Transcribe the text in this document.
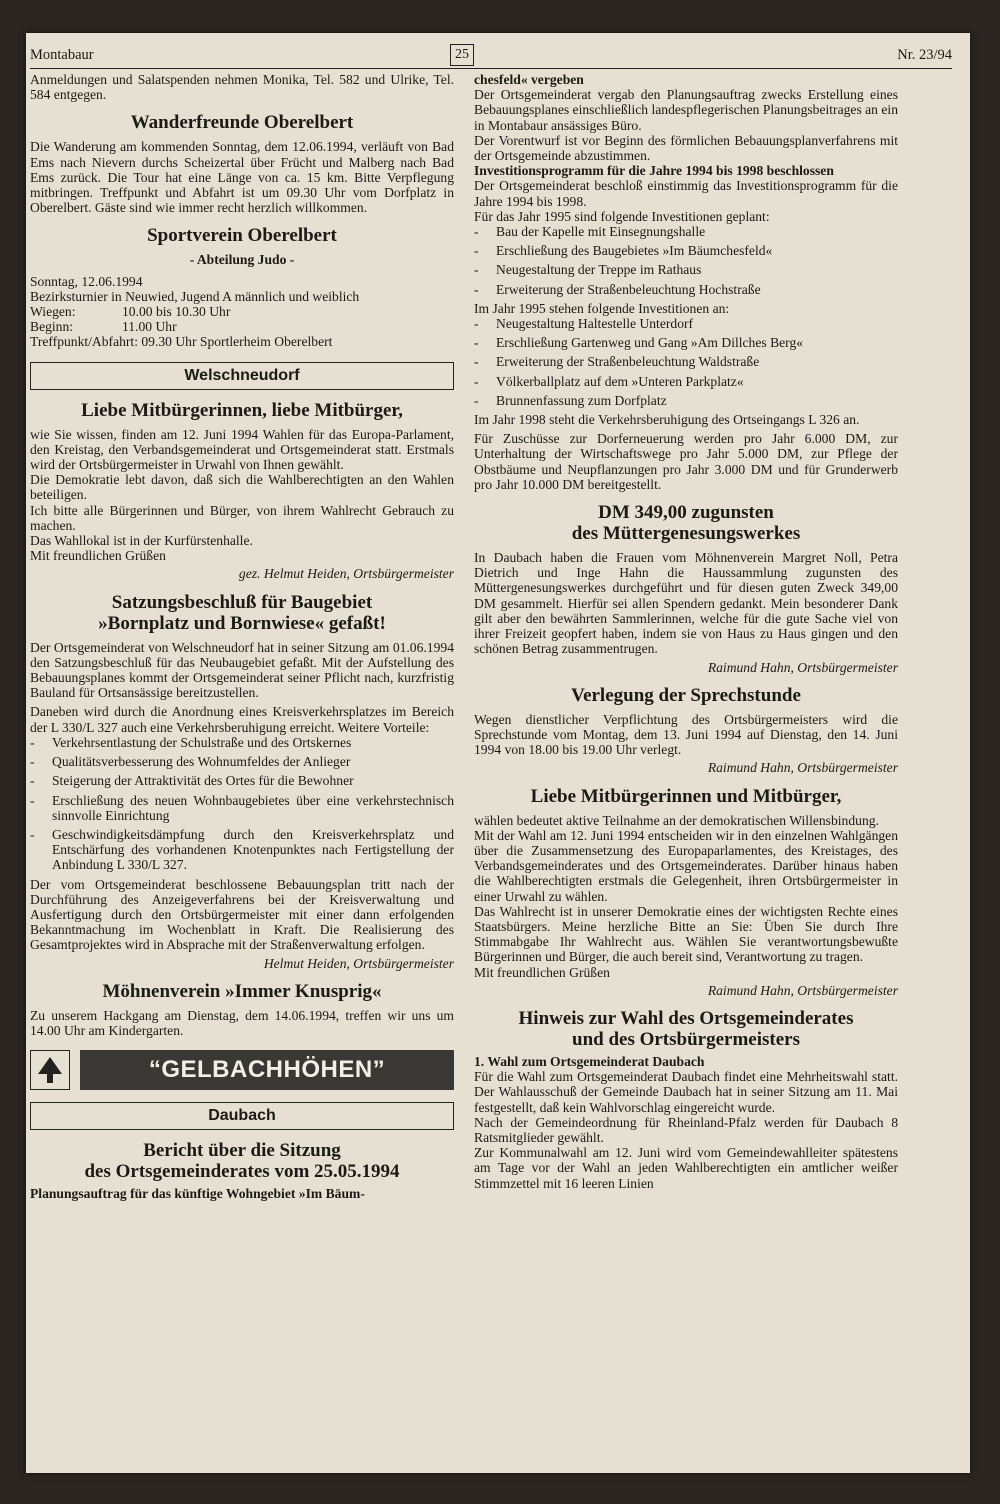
Montabaur	25	Nr. 23/94

Anmeldungen und Salatspenden nehmen Monika, Tel. 582 und Ulrike, Tel. 584 entgegen.

Wanderfreunde Oberelbert

Die Wanderung am kommenden Sonntag, dem 12.06.1994, verläuft von Bad Ems nach Nievern durchs Scheizertal über Frücht und Malberg nach Bad Ems zurück. Die Tour hat eine Länge von ca. 15 km. Bitte Verpflegung mitbringen. Treffpunkt und Abfahrt ist um 09.30 Uhr vom Dorfplatz in Oberelbert. Gäste sind wie immer recht herzlich willkommen.

Sportverein Oberelbert
- Abteilung Judo -

Sonntag, 12.06.1994

Bezirksturnier in Neuwied, Jugend A männlich und weiblich

Wiegen:	10.00 bis 10.30 Uhr
Beginn:	11.00 Uhr

Treffpunkt/Abfahrt: 09.30 Uhr Sportlerheim Oberelbert

Welschneudorf
Liebe Mitbürgerinnen, liebe Mitbürger,

wie Sie wissen, finden am 12. Juni 1994 Wahlen für das Europa-Parlament, den Kreistag, den Verbandsgemeinderat und Ortsgemeinderat statt. Erstmals wird der Ortsbürgermeister in Urwahl von Ihnen gewählt.

Die Demokratie lebt davon, daß sich die Wahlberechtigten an den Wahlen beteiligen.

Ich bitte alle Bürgerinnen und Bürger, von ihrem Wahlrecht Gebrauch zu machen.

Das Wahllokal ist in der Kurfürstenhalle.

Mit freundlichen Grüßen

gez. Helmut Heiden, Ortsbürgermeister
Satzungsbeschluß für Baugebiet
»Bornplatz und Bornwiese« gefaßt!

Der Ortsgemeinderat von Welschneudorf hat in seiner Sitzung am 01.06.1994 den Satzungsbeschluß für das Neubaugebiet gefaßt. Mit der Aufstellung des Bebauungsplanes kommt der Ortsgemeinderat seiner Pflicht nach, kurzfristig Bauland für Ortsansässige bereitzustellen.

Daneben wird durch die Anordnung eines Kreisverkehrsplatzes im Bereich der L 330/L 327 auch eine Verkehrsberuhigung erreicht. Weitere Vorteile:

- Verkehrsentlastung der Schulstraße und des Ortskernes
- Qualitätsverbesserung des Wohnumfeldes der Anlieger
- Steigerung der Attraktivität des Ortes für die Bewohner
- Erschließung des neuen Wohnbaugebietes über eine verkehrstechnisch sinnvolle Einrichtung
- Geschwindigkeitsdämpfung durch den Kreisverkehrsplatz und Entschärfung des vorhandenen Knotenpunktes nach Fertigstellung der Anbindung L 330/L 327.

Der vom Ortsgemeinderat beschlossene Bebauungsplan tritt nach der Durchführung des Anzeigeverfahrens bei der Kreisverwaltung und Ausfertigung durch den Ortsbürgermeister mit einer dann erfolgenden Bekanntmachung im Wochenblatt in Kraft. Die Realisierung des Gesamtprojektes wird in Absprache mit der Straßenverwaltung erfolgen.

Helmut Heiden, Ortsbürgermeister
Möhnenverein »Immer Knusprig«

Zu unserem Hackgang am Dienstag, dem 14.06.1994, treffen wir uns um 14.00 Uhr am Kindergarten.

“GELBACHHÖHEN”
Daubach
Bericht über die Sitzung
des Ortsgemeinderates vom 25.05.1994

Planungsauftrag für das künftige Wohngebiet »Im Bäum-

chesfeld« vergeben

Der Ortsgemeinderat vergab den Planungsauftrag zwecks Erstellung eines Bebauungsplanes einschließlich landespflegerischen Planungsbeitrages an ein in Montabaur ansässiges Büro.

Der Vorentwurf ist vor Beginn des förmlichen Bebauungsplanverfahrens mit der Ortsgemeinde abzustimmen.

Investitionsprogramm für die Jahre 1994 bis 1998 beschlossen

Der Ortsgemeinderat beschloß einstimmig das Investitionsprogramm für die Jahre 1994 bis 1998.

Für das Jahr 1995 sind folgende Investitionen geplant:

- Bau der Kapelle mit Einsegnungshalle
- Erschließung des Baugebietes »Im Bäumchesfeld«
- Neugestaltung der Treppe im Rathaus
- Erweiterung der Straßenbeleuchtung Hochstraße

Im Jahr 1995 stehen folgende Investitionen an:

- Neugestaltung Haltestelle Unterdorf
- Erschließung Gartenweg und Gang »Am Dillches Berg«
- Erweiterung der Straßenbeleuchtung Waldstraße
- Völkerballplatz auf dem »Unteren Parkplatz«
- Brunnenfassung zum Dorfplatz

Im Jahr 1998 steht die Verkehrsberuhigung des Ortseingangs L 326 an.

Für Zuschüsse zur Dorferneuerung werden pro Jahr 6.000 DM, zur Unterhaltung der Wirtschaftswege pro Jahr 5.000 DM, zur Pflege der Obstbäume und Neupflanzungen pro Jahr 3.000 DM und für Grunderwerb pro Jahr 10.000 DM bereitgestellt.

DM 349,00 zugunsten
des Müttergenesungswerkes

In Daubach haben die Frauen vom Möhnenverein Margret Noll, Petra Dietrich und Inge Hahn die Haussammlung zugunsten des Müttergenesungswerkes durchgeführt und für diesen guten Zweck 349,00 DM gesammelt. Hierfür sei allen Spendern gedankt. Mein besonderer Dank gilt aber den bewährten Sammlerinnen, welche für die gute Sache viel von ihrer Freizeit geopfert haben, indem sie von Haus zu Haus gingen und den schönen Betrag zusammentrugen.

Raimund Hahn, Ortsbürgermeister
Verlegung der Sprechstunde

Wegen dienstlicher Verpflichtung des Ortsbürgermeisters wird die Sprechstunde vom Montag, dem 13. Juni 1994 auf Dienstag, den 14. Juni 1994 von 18.00 bis 19.00 Uhr verlegt.

Raimund Hahn, Ortsbürgermeister
Liebe Mitbürgerinnen und Mitbürger,

wählen bedeutet aktive Teilnahme an der demokratischen Willensbindung.

Mit der Wahl am 12. Juni 1994 entscheiden wir in den einzelnen Wahlgängen über die Zusammensetzung des Europaparlamentes, des Kreistages, des Verbandsgemeinderates und des Ortsgemeinderates. Darüber hinaus haben die Wahlberechtigten erstmals die Gelegenheit, ihren Ortsbürgermeister in einer Urwahl zu wählen.

Das Wahlrecht ist in unserer Demokratie eines der wichtigsten Rechte eines Staatsbürgers. Meine herzliche Bitte an Sie: Üben Sie durch Ihre Stimmabgabe Ihr Wahlrecht aus. Wählen Sie verantwortungsbewußte Bürgerinnen und Bürger, die auch bereit sind, Verantwortung zu tragen.

Mit freundlichen Grüßen

Raimund Hahn, Ortsbürgermeister
Hinweis zur Wahl des Ortsgemeinderates
und des Ortsbürgermeisters

1. Wahl zum Ortsgemeinderat Daubach

Für die Wahl zum Ortsgemeinderat Daubach findet eine Mehrheitswahl statt. Der Wahlausschuß der Gemeinde Daubach hat in seiner Sitzung am 11. Mai festgestellt, daß kein Wahlvorschlag eingereicht wurde.

Nach der Gemeindeordnung für Rheinland-Pfalz werden für Daubach 8 Ratsmitglieder gewählt.

Zur Kommunalwahl am 12. Juni wird vom Gemeindewahlleiter spätestens am Tage vor der Wahl an jeden Wahlberechtigten ein amtlicher weißer Stimmzettel mit 16 leeren Linien
